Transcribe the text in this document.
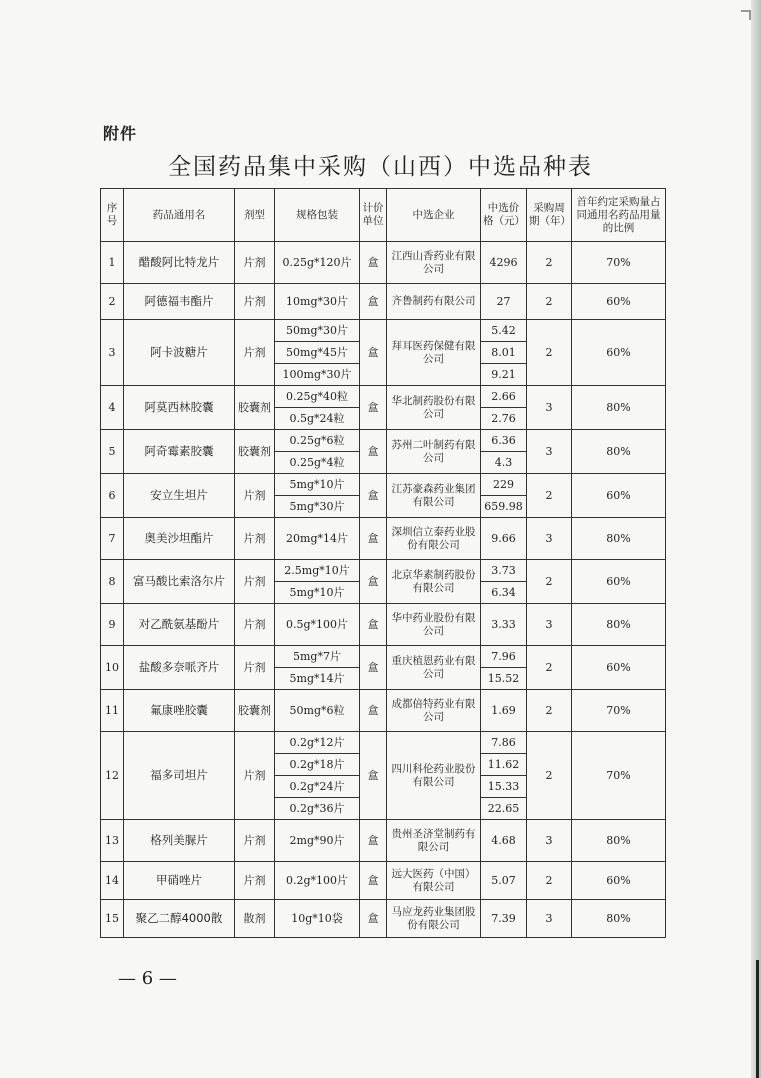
附件
全国药品集中采购（山西）中选品种表
序号	药品通用名	剂型	规格包装	计价单位	中选企业	中选价格（元）	采购周期（年）	首年约定采购量占同通用名药品用量的比例
1	醋酸阿比特龙片	片剂	0.25g*120片	盒	江西山香药业有限公司	4296	2	70%
2	阿德福韦酯片	片剂	10mg*30片	盒	齐鲁制药有限公司	27	2	60%
3	阿卡波糖片	片剂	50mg*30片	盒	拜耳医药保健有限公司	5.42	2	60%
			50mg*45片			8.01		
			100mg*30片			9.21		
4	阿莫西林胶囊	胶囊剂	0.25g*40粒	盒	华北制药股份有限公司	2.66	3	80%
			0.5g*24粒			2.76		
5	阿奇霉素胶囊	胶囊剂	0.25g*6粒	盒	苏州二叶制药有限公司	6.36	3	80%
			0.25g*4粒			4.3		
6	安立生坦片	片剂	5mg*10片	盒	江苏豪森药业集团有限公司	229	2	60%
			5mg*30片			659.98		
7	奥美沙坦酯片	片剂	20mg*14片	盒	深圳信立泰药业股份有限公司	9.66	3	80%
8	富马酸比索洛尔片	片剂	2.5mg*10片	盒	北京华素制药股份有限公司	3.73	2	60%
			5mg*10片			6.34		
9	对乙酰氨基酚片	片剂	0.5g*100片	盒	华中药业股份有限公司	3.33	3	80%
10	盐酸多奈哌齐片	片剂	5mg*7片	盒	重庆植恩药业有限公司	7.96	2	60%
			5mg*14片			15.52		
11	氟康唑胶囊	胶囊剂	50mg*6粒	盒	成都倍特药业有限公司	1.69	2	70%
12	福多司坦片	片剂	0.2g*12片	盒	四川科伦药业股份有限公司	7.86	2	70%
			0.2g*18片			11.62		
			0.2g*24片			15.33		
			0.2g*36片			22.65		
13	格列美脲片	片剂	2mg*90片	盒	贵州圣济堂制药有限公司	4.68	3	80%
14	甲硝唑片	片剂	0.2g*100片	盒	远大医药（中国）有限公司	5.07	2	60%
15	聚乙二醇4000散	散剂	10g*10袋	盒	马应龙药业集团股份有限公司	7.39	3	80%
— 6 —
